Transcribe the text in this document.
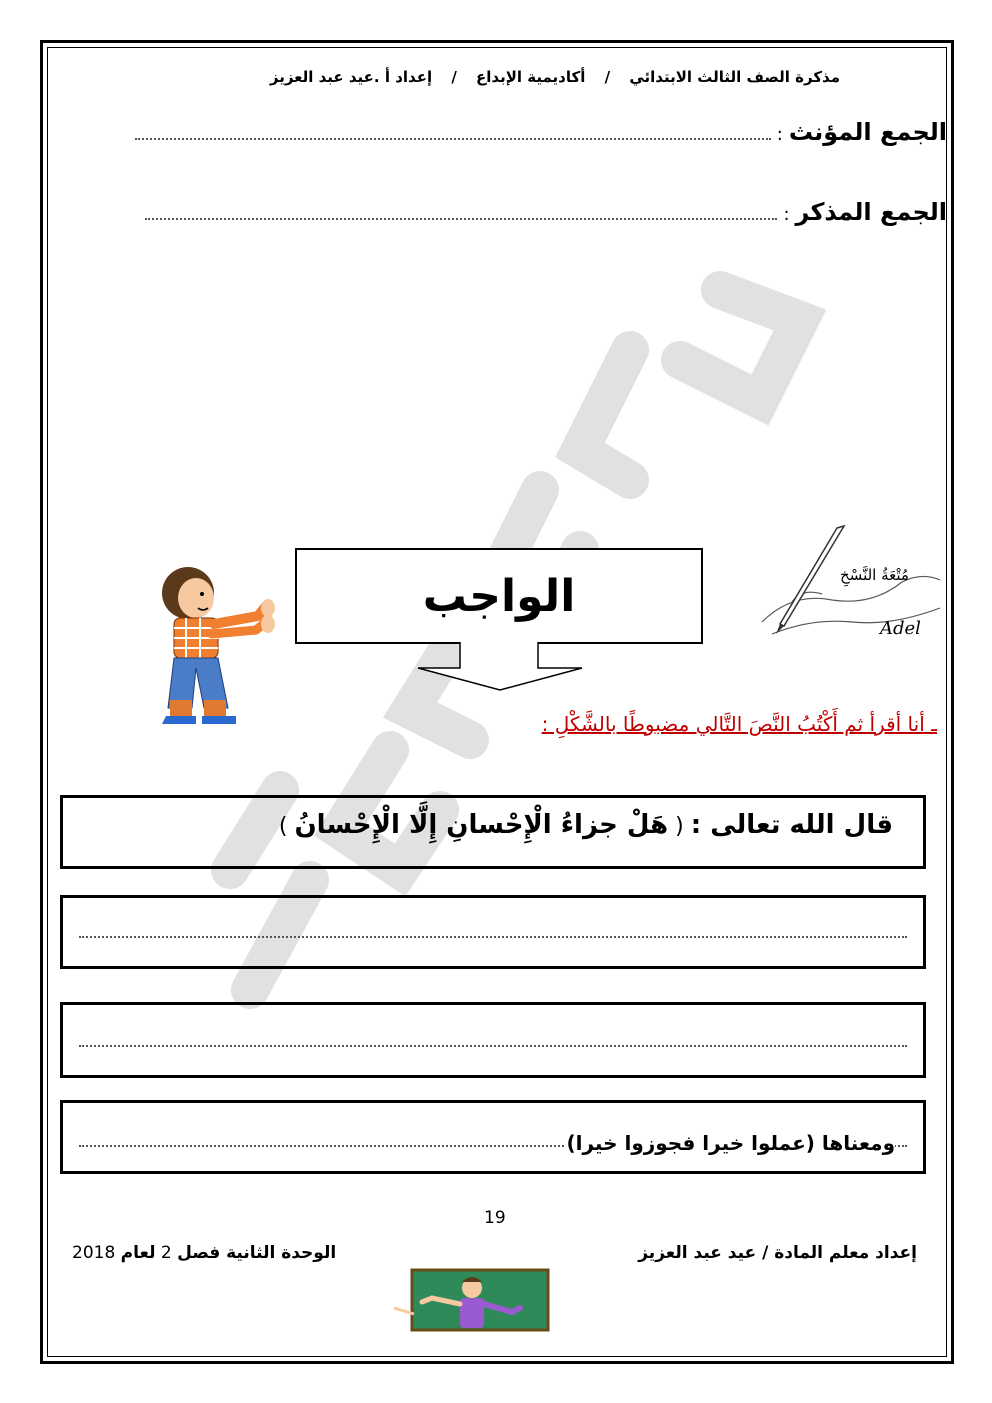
مذكرة الصف الثالث الابتدائي / أكاديمية الإبداع / إعداد أ .عيد عبد العزيز
الجمع المؤنث
:
الجمع المذكر
:
الواجب	مُتْعَةُ النَّسْخِ
Adel
ـ أنا أقرأ ثم أَكْتُبُ النَّصَ التَّالي مضبوطًا بالشَّكْلِ :
قال الله تعالى : ( هَلْ جزاءُ الْإِحْسانِ إِلَّا الْإِحْسانُ )
ومعناها (عملوا خيرا فجوزوا خيرا)
19
إعداد معلم المادة / عيد عبد العزيز
الوحدة الثانية فصل 2 لعام 2018
